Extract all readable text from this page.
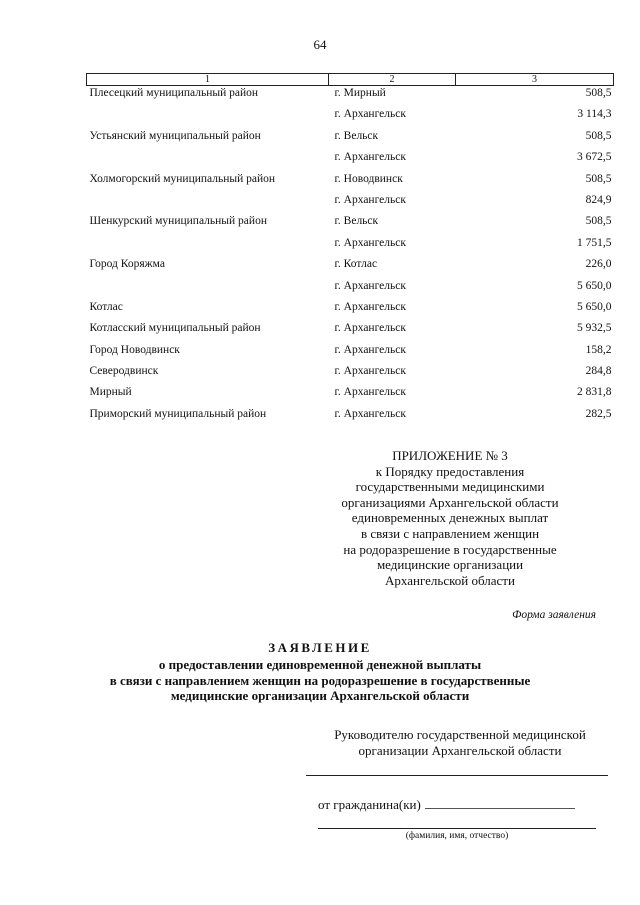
64
1	2	3
Плесецкий муниципальный район	г. Мирный	508,5
	г. Архангельск	3 114,3
Устьянский муниципальный район	г. Вельск	508,5
	г. Архангельск	3 672,5
Холмогорский муниципальный район	г. Новодвинск	508,5
	г. Архангельск	824,9
Шенкурский муниципальный район	г. Вельск	508,5
	г. Архангельск	1 751,5
Город Коряжма	г. Котлас	226,0
	г. Архангельск	5 650,0
Котлас	г. Архангельск	5 650,0
Котласский муниципальный район	г. Архангельск	5 932,5
Город Новодвинск	г. Архангельск	158,2
Северодвинск	г. Архангельск	284,8
Мирный	г. Архангельск	2 831,8
Приморский муниципальный район	г. Архангельск	282,5
ПРИЛОЖЕНИЕ № 3
к Порядку предоставления
государственными медицинскими
организациями Архангельской области
единовременных денежных выплат
в связи с направлением женщин
на родоразрешение в государственные
медицинские организации
Архангельской области
Форма заявления
ЗАЯВЛЕНИЕ
о предоставлении единовременной денежной выплаты
в связи с направлением женщин на родоразрешение в государственные
медицинские организации Архангельской области
Руководителю государственной медицинской
организации Архангельской области
от гражданина(ки)
(фамилия, имя, отчество)
